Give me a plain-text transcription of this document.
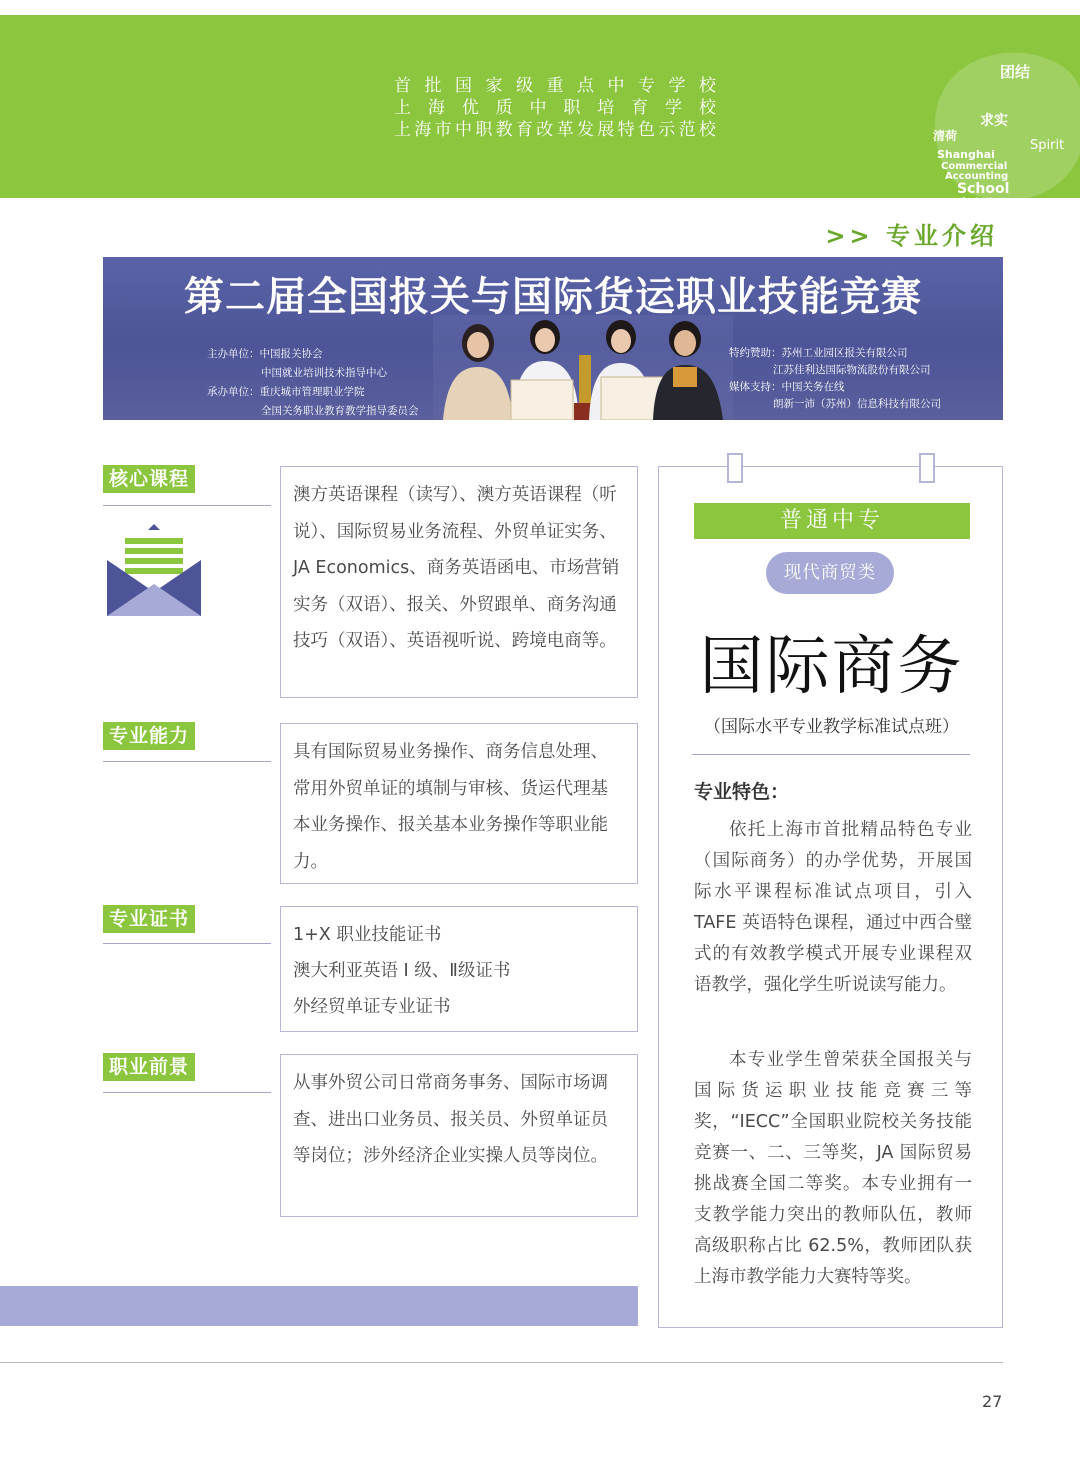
首 批 国 家 级 重 点 中 专 学 校
上 海 优 质 中 职 培 育 学 校
上 海 市 中 职 教 育 改 革 发 展 特 色 示 范 校
团结
求实
清荷
Shanghai
Commercial
Accounting
School
Spirit
Aspiration
>> 专业介绍
第二届全国报关与国际货运职业技能竞赛
主办单位：中国报关协会
中国就业培训技术指导中心
承办单位：重庆城市管理职业学院
全国关务职业教育教学指导委员会
特约赞助：苏州工业园区报关有限公司
江苏佳利达国际物流股份有限公司
媒体支持：中国关务在线
朗新一沛（苏州）信息科技有限公司
核心课程

澳方英语课程（读写）、澳方英语课程（听说）、国际贸易业务流程、外贸单证实务、JA Economics、商务英语函电、市场营销实务（双语）、报关、外贸跟单、商务沟通技巧（双语）、英语视听说、跨境电商等。

专业能力

具有国际贸易业务操作、商务信息处理、常用外贸单证的填制与审核、货运代理基本业务操作、报关基本业务操作等职业能力。

专业证书

1+X 职业技能证书

澳大利亚英语 Ⅰ 级、Ⅱ级证书

外经贸单证专业证书

职业前景

从事外贸公司日常商务事务、国际市场调查、进出口业务员、报关员、外贸单证员等岗位；涉外经济企业实操人员等岗位。

普通中专
现代商贸类
国际商务
（国际水平专业教学标准试点班）
专业特色：

依托上海市首批精品特色专业（国际商务）的办学优势，开展国际水平课程标准试点项目，引入 TAFE 英语特色课程，通过中西合璧式的有效教学模式开展专业课程双语教学，强化学生听说读写能力。

本专业学生曾荣获全国报关与国际货运职业技能竞赛三等奖，“IECC”全国职业院校关务技能竞赛一、二、三等奖，JA 国际贸易挑战赛全国二等奖。本专业拥有一支教学能力突出的教师队伍，教师高级职称占比 62.5%，教师团队获上海市教学能力大赛特等奖。

27
